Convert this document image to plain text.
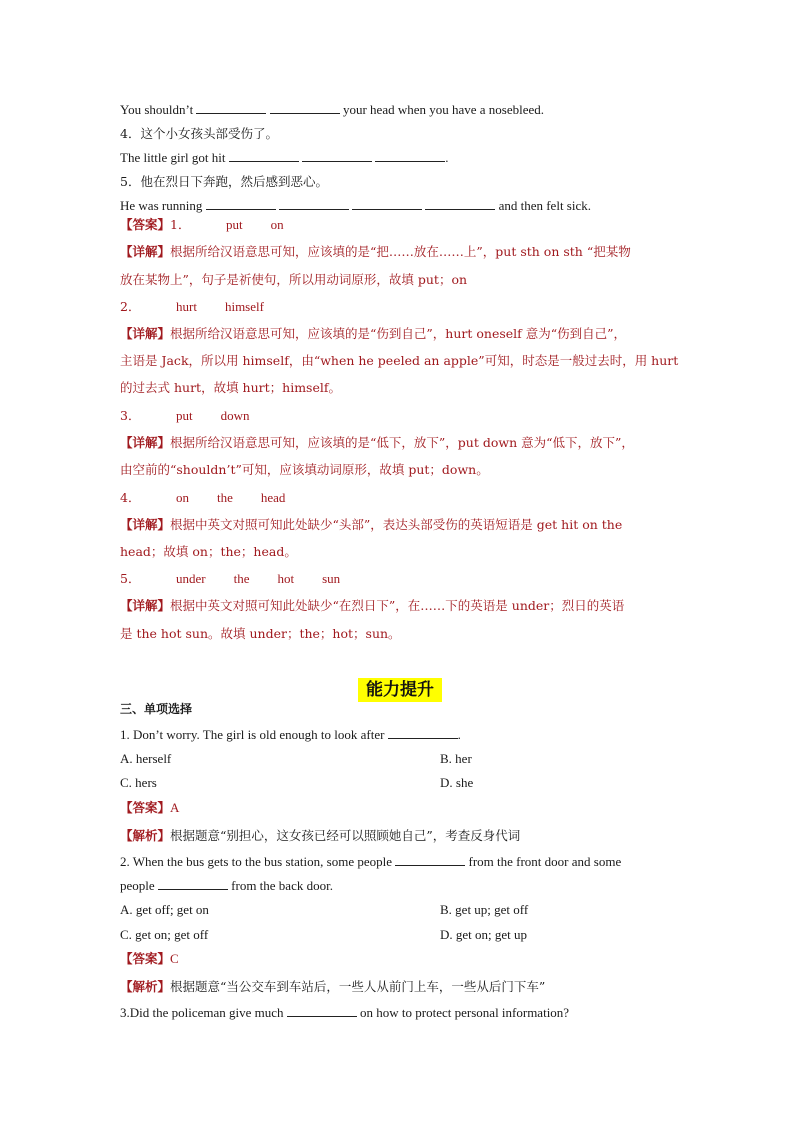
You shouldn’t	your head when you have a nosebleed.
4．这个小女孩头部受伤了。
The little girl got hit	.
5．他在烈日下奔跑，然后感到恶心。
He was running	and then felt sick.
【答案】1．	put on
【详解】根据所给汉语意思可知，应该填的是“把……放在……上”，put sth on sth “把某物
放在某物上”，句子是祈使句，所以用动词原形，故填 put；on
2．	hurt himself
【详解】根据所给汉语意思可知，应该填的是“伤到自己”，hurt oneself 意为“伤到自己”，
主语是 Jack，所以用 himself，由“when he peeled an apple”可知，时态是一般过去时，用 hurt
的过去式 hurt，故填 hurt；himself。
3．	put down
【详解】根据所给汉语意思可知，应该填的是“低下，放下”，put down 意为“低下，放下”，
由空前的“shouldn’t”可知，应该填动词原形，故填 put；down。
4．	on the head
【详解】根据中英文对照可知此处缺少“头部”，表达头部受伤的英语短语是 get hit on the
head；故填 on；the；head。
5．	under the hot sun
【详解】根据中英文对照可知此处缺少“在烈日下”，在……下的英语是 under；烈日的英语
是 the hot sun。故填 under；the；hot；sun。
能力提升
三、单项选择
1. Don’t worry. The girl is old enough to look after	.
A. herself	B. her
C. hers	D. she
【答案】A
【解析】根据题意“别担心，这女孩已经可以照顾她自己”，考查反身代词
2. When the bus gets to the bus station, some people	from the front door and some
people	from the back door.
A. get off; get on	B. get up; get off
C. get on; get off	D. get on; get up
【答案】C
【解析】根据题意“当公交车到车站后，一些人从前门上车，一些从后门下车”
3.Did the policeman give much	on how to protect personal information?
